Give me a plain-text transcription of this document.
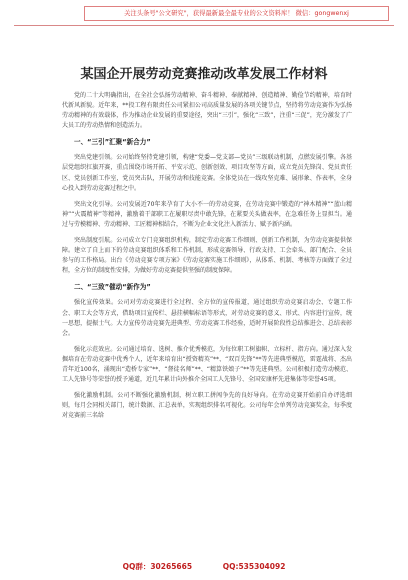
关注头条号"公文研究"，获得最新最全最专业的公文资料库！ 微信：gongwenxj
某国企开展劳动竞赛推动改革发展工作材料

党的二十大明确指出，在全社会弘扬劳动精神、奋斗精神、奉献精神、创造精神、勤俭节约精神，培育时代新风新貌。近年来，**投工程有限责任公司紧扣公司高质量发展的各项关键节点，坚持将劳动竞赛作为弘扬劳动精神的有效载体，作为推动企业发展的重要途径，突出“三引”，强化“三致”，注重“三促”，充分激发了广大员工的劳动热情和创造活力。

一、“三引”汇聚“新合力”

突出党建引领。公司始终坚持党建引领，构建“党委—党支部—党员”三级联动机制，点燃发展引擎。各基层党组织扛旗开赛，重点围绕市场开拓、平安示范、创新创效、项目攻坚等方面，成立党员先锋岗、党员责任区、党员创新工作室，党员突击队，开展劳动和技能竞赛。全体党员在一线攻坚克难、展形象、作表率，全身心投入到劳动竞赛过程之中。

突出文化引导。公司发展近70年来孕育了大小不一的劳动竞赛，在劳动竞赛中锻造的“神木精神”“蓝山精神”“火震精神”等精神，激励着干部职工在履职尽责中敢先锋，在紧要关头做表率，在急难任务上显担当。通过与劳模精神、劳动精神、工匠精神相结合，不断为企业文化注入新活力、赋予新内涵。

突出制度引航。公司成立专门竞赛组织机构，制定劳动竞赛工作细则、创新工作机制，为劳动竞赛提供保障。建立了自上而下的劳动竞赛组织体系和工作机制，形成竞赛领导、行政支持、工会牵头、部门配合、全员参与的工作格局。出台《劳动竞赛专项方案》《劳动竞赛实施工作细则》，从体系、机制、考核等方面做了全过程，全方位的制度性安排，为做好劳动竞赛提供坚强的制度保障。

二、“三致”催动“新作为”

强化宣传效果。公司对劳动竞赛进行全过程、全方位的宣传报道，通过组织劳动竞赛启动会、专题工作会、职工大会等方式，借助项目宣传栏、悬挂横幅标语等形式，对劳动竞赛的意义、形式、内容进行宣传，统一思想，提振士气。大力宣传劳动竞赛先进典型、劳动竞赛工作经验，适时开展阶段性总结推进会、总结表彰会。

强化示范效应。公司通过培育、选树、推介优秀模范，为每位职工树旗帜、立标杆、指方向。通过深入发掘培育在劳动竞赛中优秀个人，近年来培育出“授资精英”**、“双百先锋”**等先进典型模范，雷霆战将、杰出青年近100名，涌现出“造桥专家”**、“督徒名师”**、“精算铁娘子”**等先进典型。公司积极打造劳动模范、工人先锋号等荣誉的授予通道，近几年累计向外推介全国工人先锋号、全国安康杯先进集体等荣誉45项。

强化激励机制。公司不断强化激励机制，树立职工拼闯争先的良好导向。在劳动竞赛开始前自办评选细则，每月会同相关部门，统计数据、汇总表单，实现组织排名可视化。公司每年会单列劳动竞赛奖金，每季度对竞赛前三名给

QQ群：30265665	QQ:535304092
